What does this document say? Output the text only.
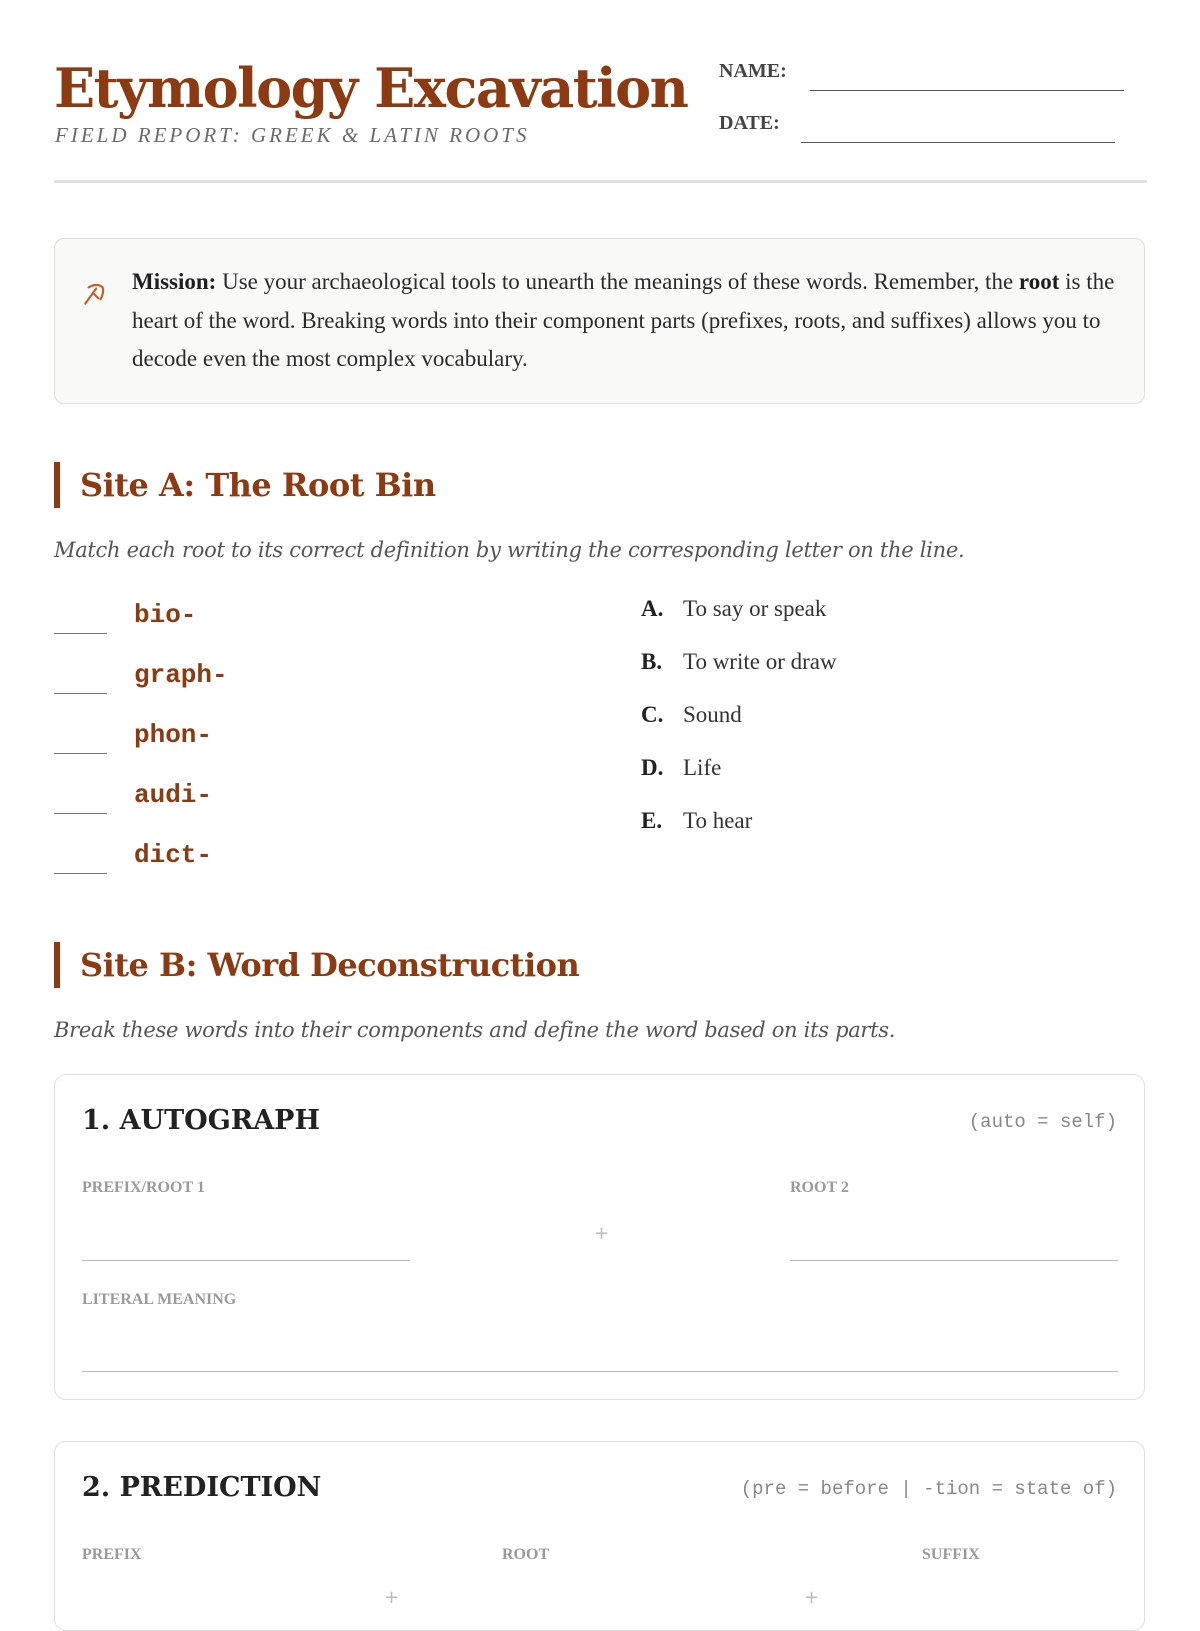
Etymology Excavation
FIELD REPORT: GREEK & LATIN ROOTS
NAME:
DATE:
Mission: Use your archaeological tools to unearth the meanings of these words. Remember, the root is the heart of the word. Breaking words into their component parts (prefixes, roots, and suffixes) allows you to decode even the most complex vocabulary.
Site A: The Root Bin
Match each root to its correct definition by writing the corresponding letter on the line.
bio-
graph-
phon-
audi-
dict-
A. To say or speak
B. To write or draw
C. Sound
D. Life
E. To hear
Site B: Word Deconstruction
Break these words into their components and define the word based on its parts.
1. AUTOGRAPH	(auto = self)
PREFIX/ROOT 1
+
ROOT 2
LITERAL MEANING
2. PREDICTION	(pre = before | -tion = state of)
PREFIX
+
ROOT
+
SUFFIX
